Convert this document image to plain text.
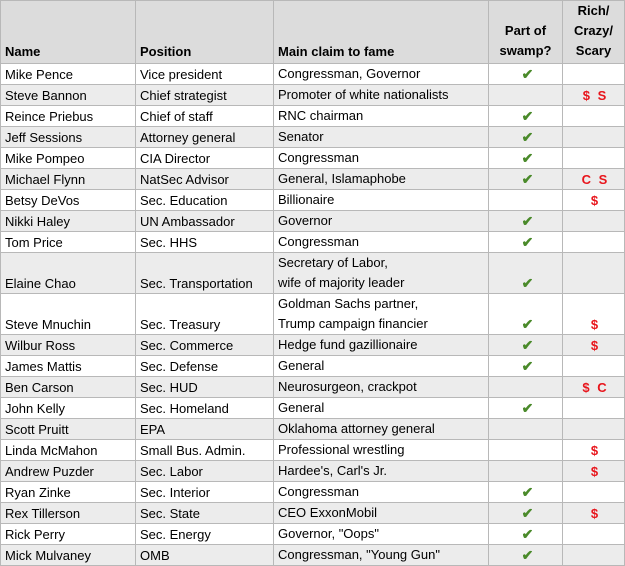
Name	Position	Main claim to fame	Part of
swamp?	Rich/
Crazy/
Scary

Mike Pence	Vice president	Congressman, Governor	✔	
Steve Bannon	Chief strategist	Promoter of white nationalists		$ S
Reince Priebus	Chief of staff	RNC chairman	✔	
Jeff Sessions	Attorney general	Senator	✔	
Mike Pompeo	CIA Director	Congressman	✔	
Michael Flynn	NatSec Advisor	General, Islamaphobe	✔	C S
Betsy DeVos	Sec. Education	Billionaire		$
Nikki Haley	UN Ambassador	Governor	✔	
Tom Price	Sec. HHS	Congressman	✔	
Elaine Chao	Sec. Transportation	Secretary of Labor,
wife of majority leader	✔	
Steve Mnuchin	Sec. Treasury	Goldman Sachs partner,
Trump campaign financier	✔	$
Wilbur Ross	Sec. Commerce	Hedge fund gazillionaire	✔	$
James Mattis	Sec. Defense	General	✔	
Ben Carson	Sec. HUD	Neurosurgeon, crackpot		$ C
John Kelly	Sec. Homeland	General	✔	
Scott Pruitt	EPA	Oklahoma attorney general		

Linda McMahon	Small Bus. Admin.	Professional wrestling		$
Andrew Puzder	Sec. Labor	Hardee's, Carl's Jr.		$
Ryan Zinke	Sec. Interior	Congressman	✔	
Rex Tillerson	Sec. State	CEO ExxonMobil	✔	$
Rick Perry	Sec. Energy	Governor, "Oops"	✔	
Mick Mulvaney	OMB	Congressman, "Young Gun"	✔	
